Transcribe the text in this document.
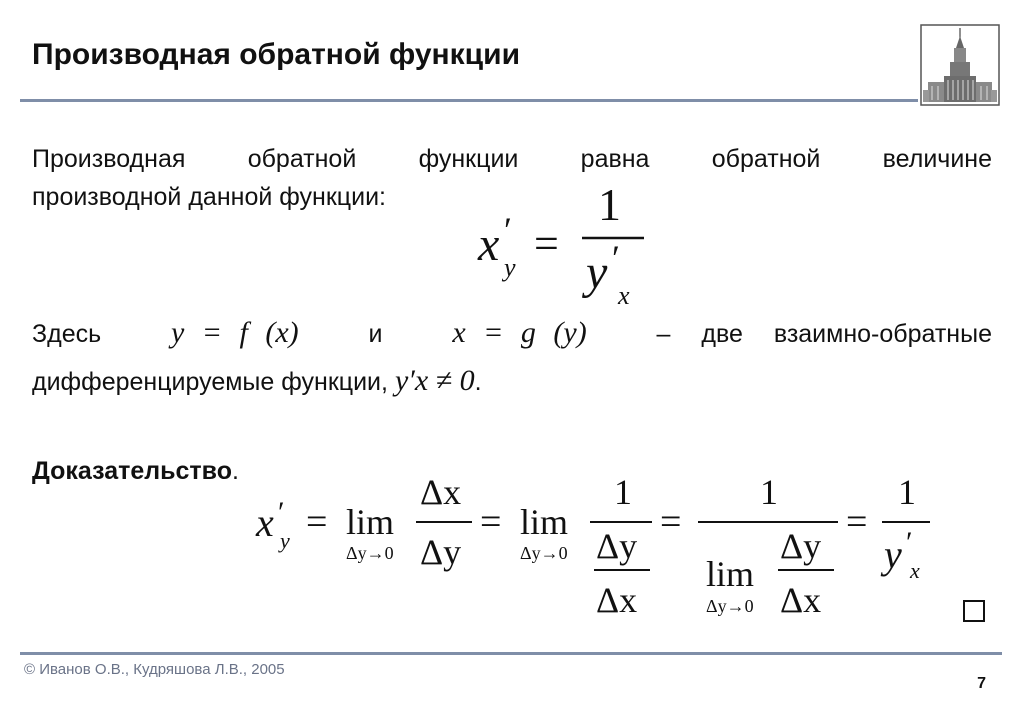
Производная обратной функции
Производная обратной функции равна обратной величине
производной данной функции:
x ′
y =
1
y ′
x
Здесь y = f (x)	и x = g (y)	– две взаимно-обратные
дифференцируемые функции, y′x ≠ 0.
Доказательство.
x ′
y = lim
Δy→0
Δx
Δy
= lim
Δy→0
1
Δy
Δx
=
1
lim
Δy→0
Δy
Δx
=
1
y ′
x
© Иванов О.В., Кудряшова Л.В., 2005
7
